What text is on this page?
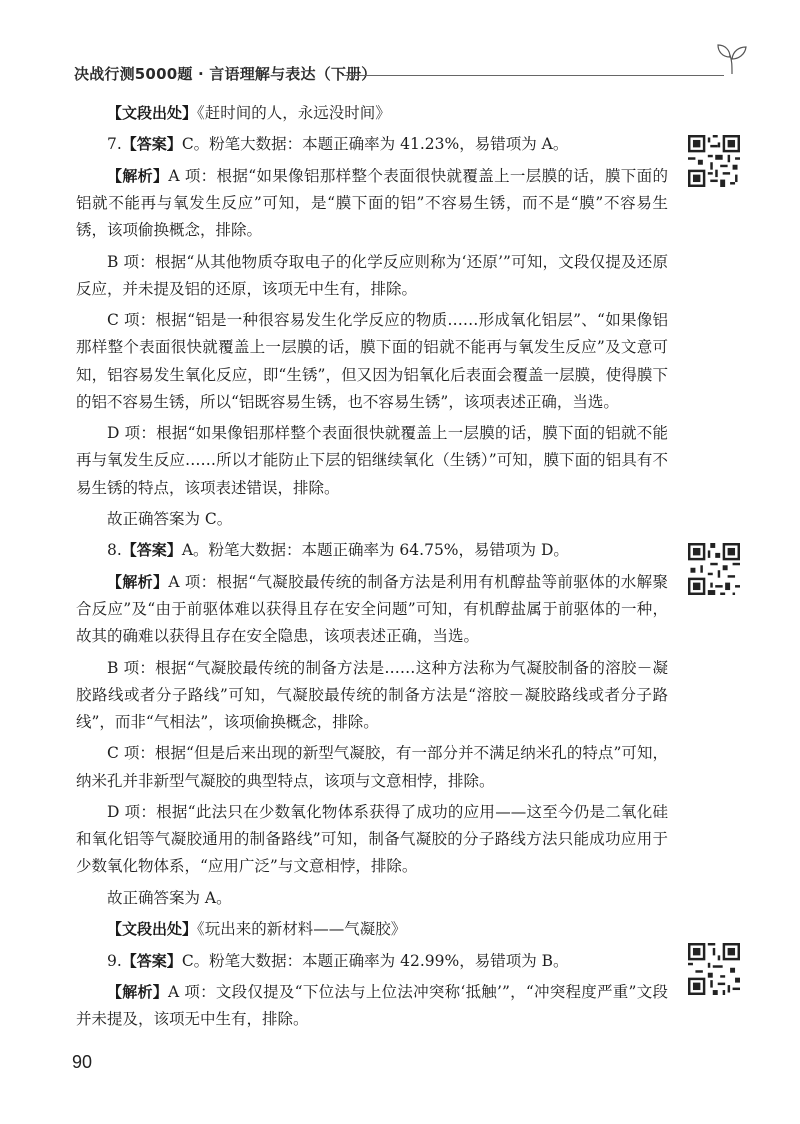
决战行测5000题 · 言语理解与表达（下册）

【文段出处】《赶时间的人，永远没时间》

7.【答案】C。粉笔大数据：本题正确率为 41.23%，易错项为 A。

【解析】A 项：根据“如果像铝那样整个表面很快就覆盖上一层膜的话，膜下面的铝就不能再与氧发生反应”可知，是“膜下面的铝”不容易生锈，而不是“膜”不容易生锈，该项偷换概念，排除。

B 项：根据“从其他物质夺取电子的化学反应则称为‘还原’”可知，文段仅提及还原反应，并未提及铝的还原，该项无中生有，排除。

C 项：根据“铝是一种很容易发生化学反应的物质……形成氧化铝层”、“如果像铝那样整个表面很快就覆盖上一层膜的话，膜下面的铝就不能再与氧发生反应”及文意可知，铝容易发生氧化反应，即“生锈”，但又因为铝氧化后表面会覆盖一层膜，使得膜下的铝不容易生锈，所以“铝既容易生锈，也不容易生锈”，该项表述正确，当选。

D 项：根据“如果像铝那样整个表面很快就覆盖上一层膜的话，膜下面的铝就不能再与氧发生反应……所以才能防止下层的铝继续氧化（生锈）”可知，膜下面的铝具有不易生锈的特点，该项表述错误，排除。

故正确答案为 C。

8.【答案】A。粉笔大数据：本题正确率为 64.75%，易错项为 D。

【解析】A 项：根据“气凝胶最传统的制备方法是利用有机醇盐等前驱体的水解聚合反应”及“由于前驱体难以获得且存在安全问题”可知，有机醇盐属于前驱体的一种，故其的确难以获得且存在安全隐患，该项表述正确，当选。

B 项：根据“气凝胶最传统的制备方法是……这种方法称为气凝胶制备的溶胶－凝胶路线或者分子路线”可知，气凝胶最传统的制备方法是“溶胶－凝胶路线或者分子路线”，而非“气相法”，该项偷换概念，排除。

C 项：根据“但是后来出现的新型气凝胶，有一部分并不满足纳米孔的特点”可知，纳米孔并非新型气凝胶的典型特点，该项与文意相悖，排除。

D 项：根据“此法只在少数氧化物体系获得了成功的应用——这至今仍是二氧化硅和氧化铝等气凝胶通用的制备路线”可知，制备气凝胶的分子路线方法只能成功应用于少数氧化物体系，“应用广泛”与文意相悖，排除。

故正确答案为 A。

【文段出处】《玩出来的新材料——气凝胶》

9.【答案】C。粉笔大数据：本题正确率为 42.99%，易错项为 B。

【解析】A 项：文段仅提及“下位法与上位法冲突称‘抵触’”，“冲突程度严重”文段并未提及，该项无中生有，排除。

90
